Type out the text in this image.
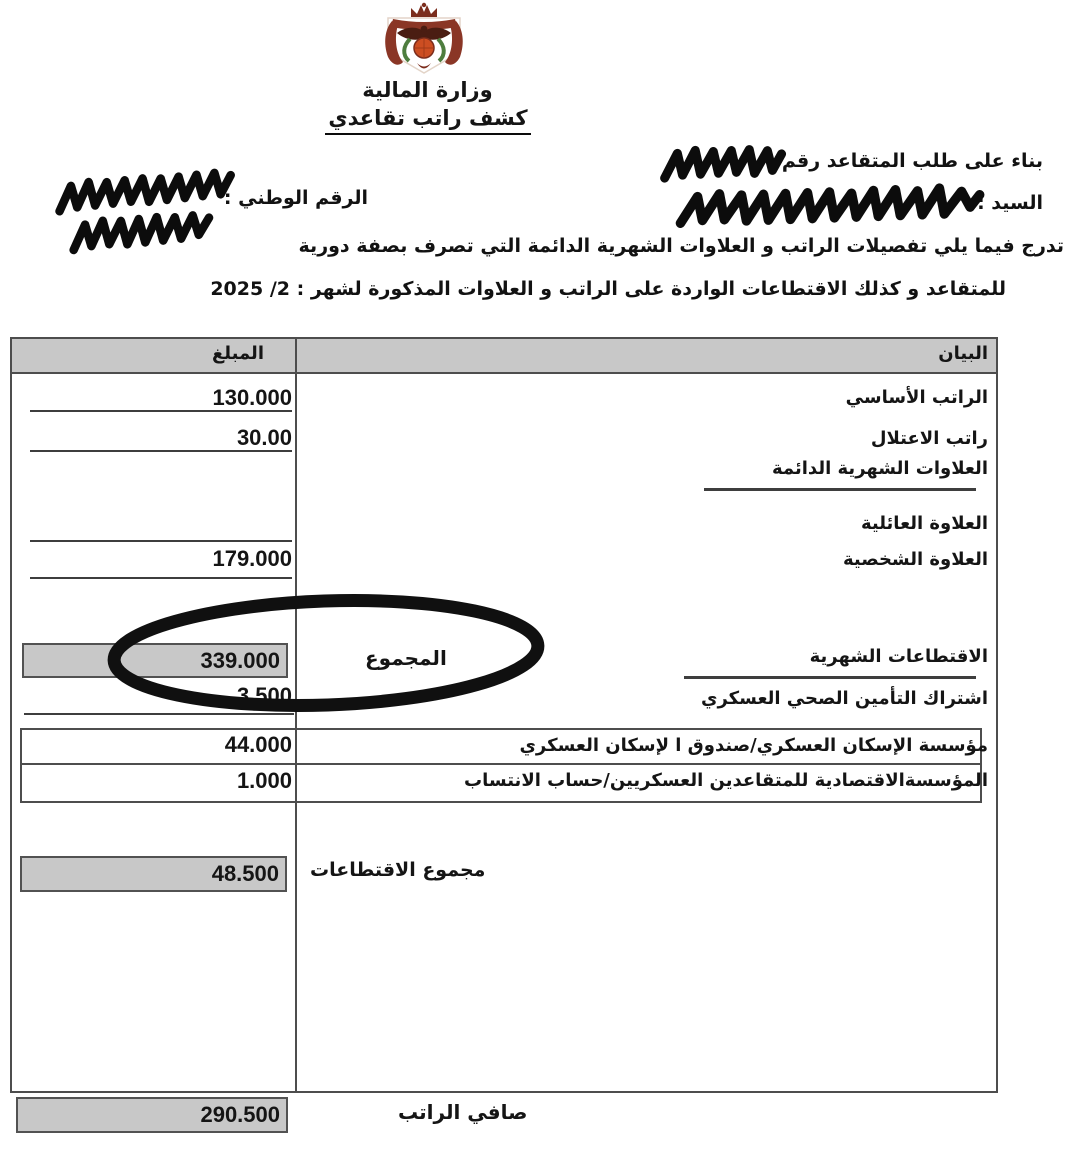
وزارة المالية
كشف راتب تقاعدي
بناء على طلب المتقاعد رقم :
السيد :
الرقم الوطني :
تدرج فيما يلي تفصيلات الراتب و العلاوات الشهرية الدائمة التي تصرف بصفة دورية
للمتقاعد و كذلك الاقتطاعات الواردة على الراتب و العلاوات المذكورة لشهر : 2/ 2025
المبلغ	البيان
130.000	الراتب الأساسي
30.00	راتب الاعتلال
العلاوات الشهرية الدائمة
العلاوة العائلية
179.000	العلاوة الشخصية
339.000	المجموع	الاقتطاعات الشهرية
3.500	اشتراك التأمين الصحي العسكري
44.000	مؤسسة الإسكان العسكري/صندوق ا لإسكان العسكري
1.000	المؤسسةالاقتصادية للمتقاعدين العسكريين/حساب الانتساب
48.500 مجموع الاقتطاعات
290.500	صافي الراتب
